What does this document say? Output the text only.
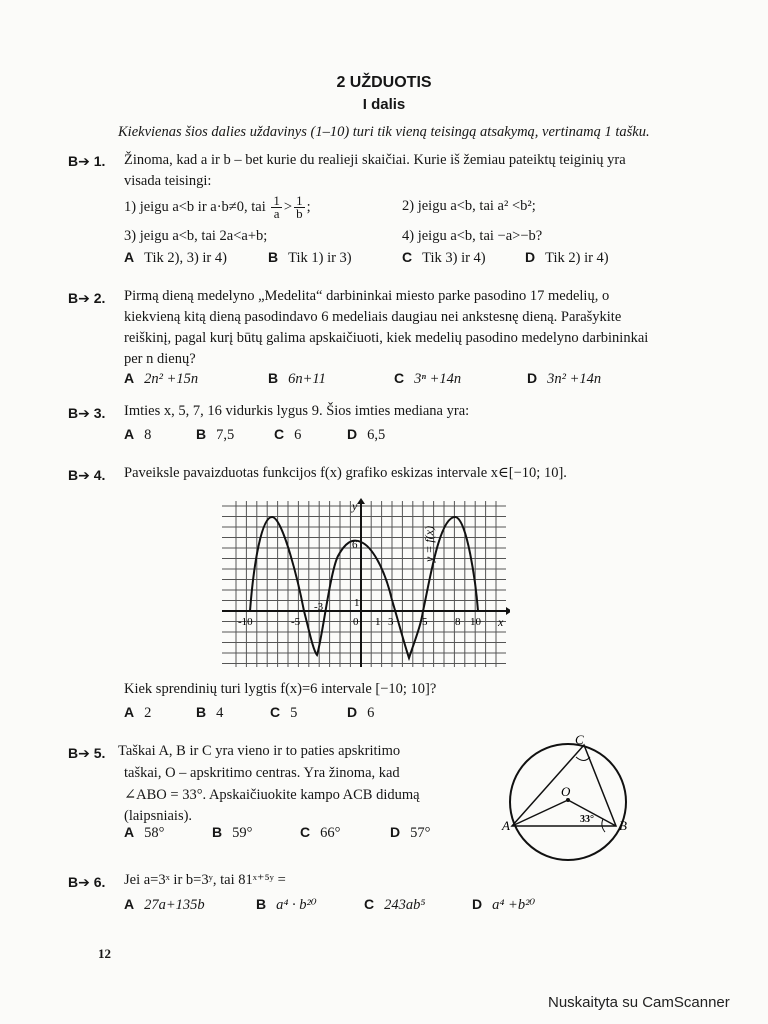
2 UŽDUOTIS
I dalis
Kiekvienas šios dalies uždavinys (1–10) turi tik vieną teisingą atsakymą, vertinamą 1 tašku.
B➔ 1. Žinoma, kad a ir b – bet kurie du realieji skaičiai. Kurie iš žemiau pateiktų teiginių yra
visada teisingi:
1) jeigu a<b ir a·b≠0, tai $\frac{1}{a} > \frac{1}{b}$ ;	2) jeigu a<b, tai a² <b²;
3) jeigu a<b, tai 2a<a+b;	4) jeigu a<b, tai −a>−b?
A Tik 2), 3) ir 4)	B Tik 1) ir 3)	C Tik 3) ir 4)	D Tik 2) ir 4)
B➔ 2. Pirmą dieną medelyno „Medelita“ darbininkai miesto parke pasodino 17 medelių, o
kiekvieną kitą dieną pasodindavo 6 medeliais daugiau nei ankstesnę dieną. Parašykite
reiškinį, pagal kurį būtų galima apskaičiuoti, kiek medelių pasodino medelyno darbininkai
per n dienų?
A 2n² +15n	B 6n+11	C 3ⁿ +14n	D 3n² +14n
B➔ 3. Imties x, 5, 7, 16 vidurkis lygus 9. Šios imties mediana yra:
A 8	B 7,5	C 6	D 6,5
B➔ 4. Paveiksle pavaizduotas funkcijos f(x) grafiko eskizas intervale x∈[−10; 10].
-10	-5
-3
0 1 3	5	8 10
6
1
y
x
y = f(x)
Kiek sprendinių turi lygtis f(x)=6 intervale [−10; 10]?
A 2	B 4	C 5	D 6
B➔ 5. Taškai A, B ir C yra vieno ir to paties apskritimo
taškai, O – apskritimo centras. Yra žinoma, kad
∠ABO = 33°. Apskaičiuokite kampo ACB didumą
(laipsniais).
A 58°	B 59°	C 66°	D 57°
C
O
A	B
33°
B➔ 6. Jei a=3ˣ ir b=3ʸ, tai 81ˣ⁺⁵ʸ =
A 27a+135b	B a⁴ · b²⁰	C 243ab⁵	D a⁴ +b²⁰
12
Nuskaityta su CamScanner
